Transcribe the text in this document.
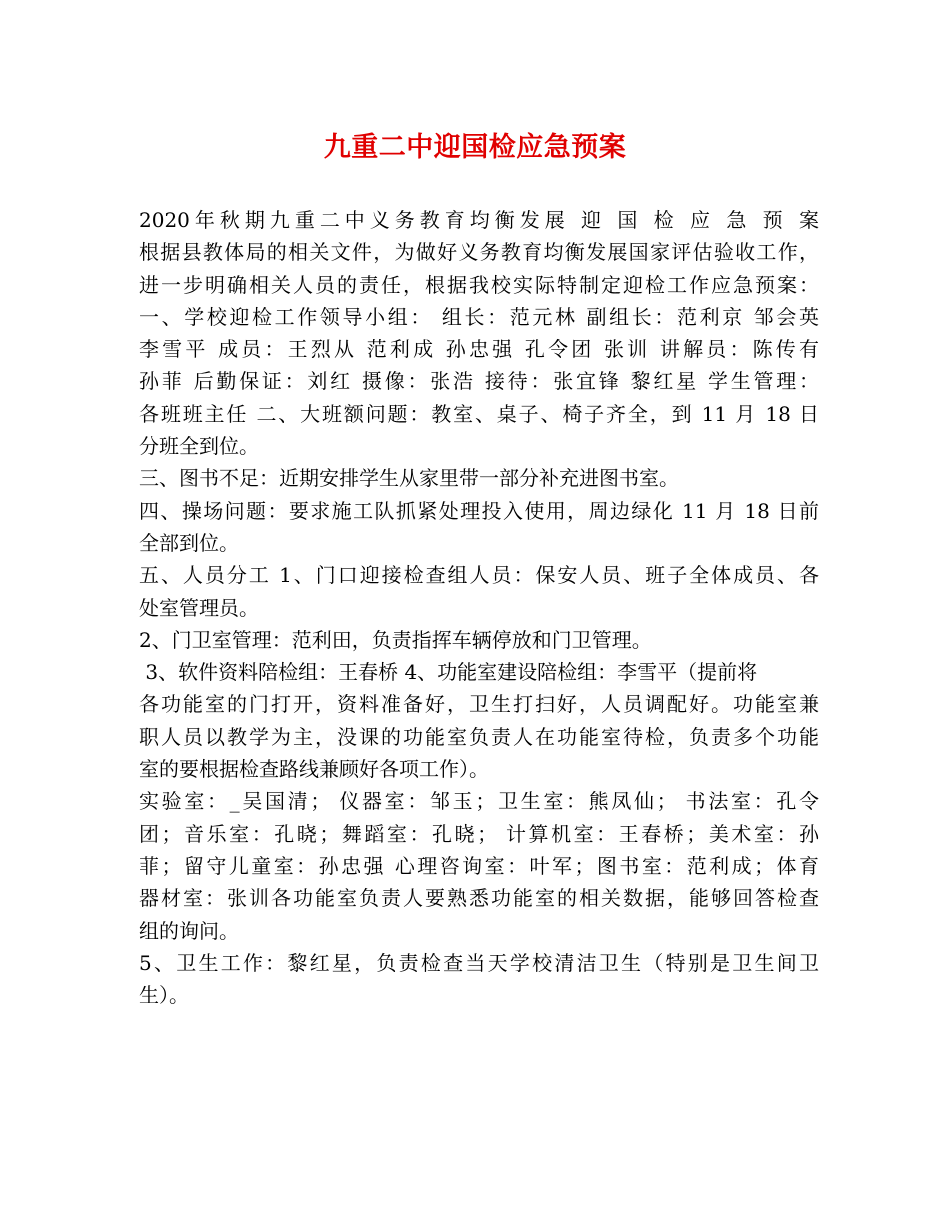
九重二中迎国检应急预案
2020年秋期九重二中义务教育均衡发展 迎 国 检 应 急 预 案
根据县教体局的相关文件，为做好义务教育均衡发展国家评估验收工作，
进一步明确相关人员的责任，根据我校实际特制定迎检工作应急预案：
一、学校迎检工作领导小组： 组长：范元林 副组长：范利京 邹会英
李雪平 成员：王烈从 范利成 孙忠强 孔令团 张训 讲解员：陈传有
孙菲 后勤保证：刘红 摄像：张浩 接待：张宜锋 黎红星 学生管理：
各班班主任 二、大班额问题：教室、桌子、椅子齐全，到 11 月 18 日
分班全到位。
三、图书不足：近期安排学生从家里带一部分补充进图书室。
四、操场问题：要求施工队抓紧处理投入使用，周边绿化 11 月 18 日前
全部到位。
五、人员分工 1、门口迎接检查组人员：保安人员、班子全体成员、各
处室管理员。
2、门卫室管理：范利田，负责指挥车辆停放和门卫管理。
3、软件资料陪检组：王春桥 4、功能室建设陪检组：李雪平（提前将
各功能室的门打开，资料准备好，卫生打扫好，人员调配好。功能室兼
职人员以教学为主，没课的功能室负责人在功能室待检，负责多个功能
室的要根据检查路线兼顾好各项工作）。
实验室：_吴国清； 仪器室：邹玉；卫生室：熊凤仙； 书法室：孔令
团；音乐室：孔晓；舞蹈室：孔晓； 计算机室：王春桥；美术室：孙
菲；留守儿童室：孙忠强 心理咨询室：叶军；图书室：范利成；体育
器材室：张训各功能室负责人要熟悉功能室的相关数据，能够回答检查
组的询问。
5、卫生工作：黎红星，负责检查当天学校清洁卫生（特别是卫生间卫
生）。
